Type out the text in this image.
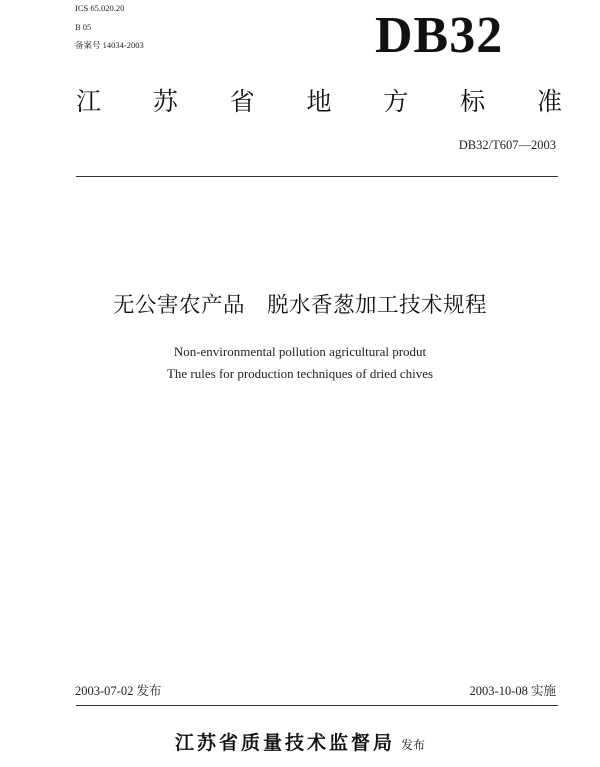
ICS 65.020.20
B 05
备案号 14034-2003	DB32
江 苏 省 地 方 标 准
DB32/T607—2003
无公害农产品　脱水香葱加工技术规程
Non-environmental pollution agricultural produt
The rules for production techniques of dried chives
2003-07-02 发布	2003-10-08 实施
江苏省质量技术监督局 发布
